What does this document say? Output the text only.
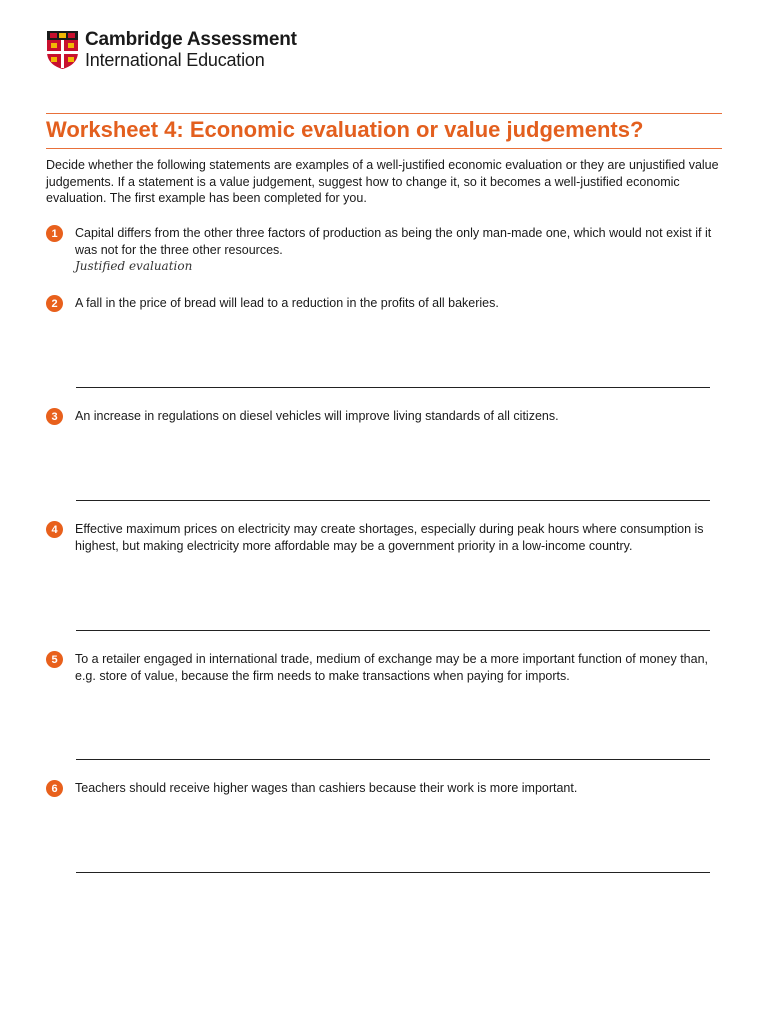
Cambridge Assessment
International Education
Worksheet 4: Economic evaluation or value judgements?
Decide whether the following statements are examples of a well-justified economic evaluation or they are unjustified value judgements. If a statement is a value judgement, suggest how to change it, so it becomes a well-justified economic evaluation. The first example has been completed for you.
1	Capital differs from the other three factors of production as being the only man-made one, which would not exist if it was not for the three other resources.
Justified evaluation
2	A fall in the price of bread will lead to a reduction in the profits of all bakeries.
3	An increase in regulations on diesel vehicles will improve living standards of all citizens.
4	Effective maximum prices on electricity may create shortages, especially during peak hours where consumption is highest, but making electricity more affordable may be a government priority in a low-income country.
5	To a retailer engaged in international trade, medium of exchange may be a more important function of money than, e.g. store of value, because the firm needs to make transactions when paying for imports.
6	Teachers should receive higher wages than cashiers because their work is more important.
